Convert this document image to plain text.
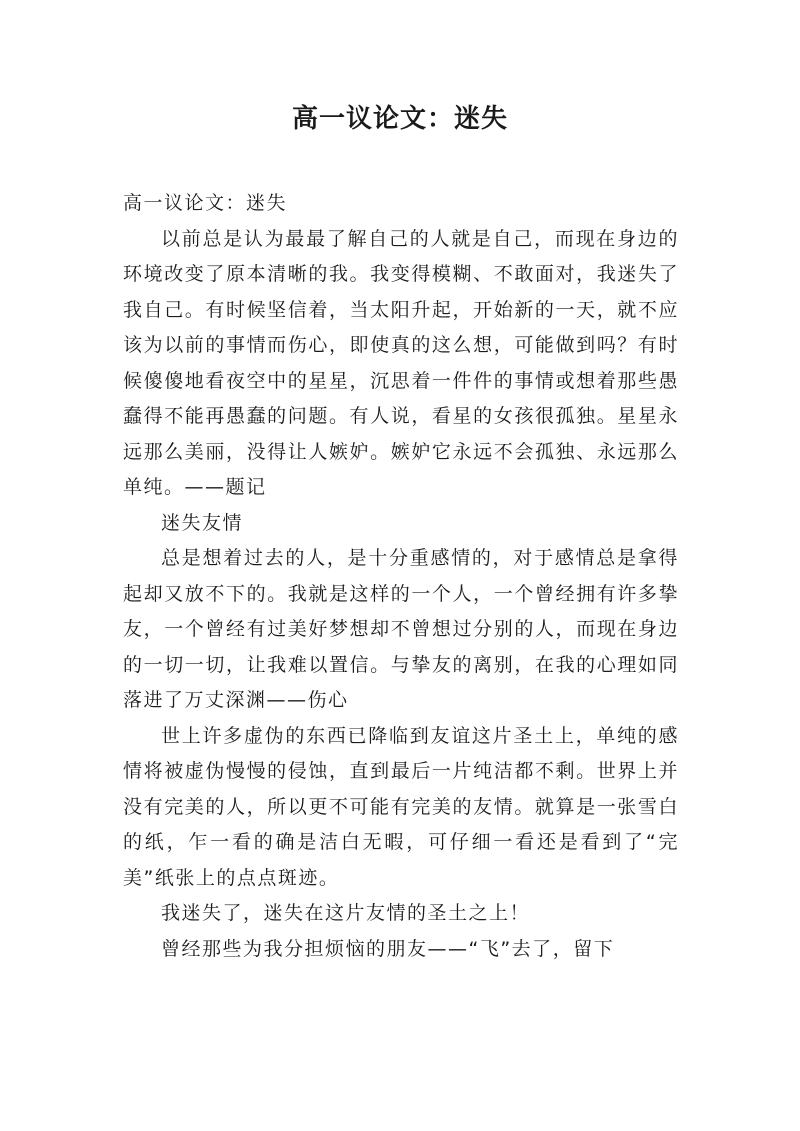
高一议论文：迷失

高一议论文：迷失

以前总是认为最最了解自己的人就是自己，而现在身边的环境改变了原本清晰的我。我变得模糊、不敢面对，我迷失了我自己。有时候坚信着，当太阳升起，开始新的一天，就不应该为以前的事情而伤心，即使真的这么想，可能做到吗？有时候傻傻地看夜空中的星星，沉思着一件件的事情或想着那些愚蠢得不能再愚蠢的问题。有人说，看星的女孩很孤独。星星永远那么美丽，没得让人嫉妒。嫉妒它永远不会孤独、永远那么单纯。——题记

迷失友情

总是想着过去的人，是十分重感情的，对于感情总是拿得起却又放不下的。我就是这样的一个人，一个曾经拥有许多挚友，一个曾经有过美好梦想却不曾想过分别的人，而现在身边的一切一切，让我难以置信。与挚友的离别，在我的心理如同落进了万丈深渊——伤心

世上许多虚伪的东西已降临到友谊这片圣土上，单纯的感情将被虚伪慢慢的侵蚀，直到最后一片纯洁都不剩。世界上并没有完美的人，所以更不可能有完美的友情。就算是一张雪白的纸，乍一看的确是洁白无暇，可仔细一看还是看到了“完美”纸张上的点点斑迹。

我迷失了，迷失在这片友情的圣土之上！

曾经那些为我分担烦恼的朋友——“飞”去了，留下
